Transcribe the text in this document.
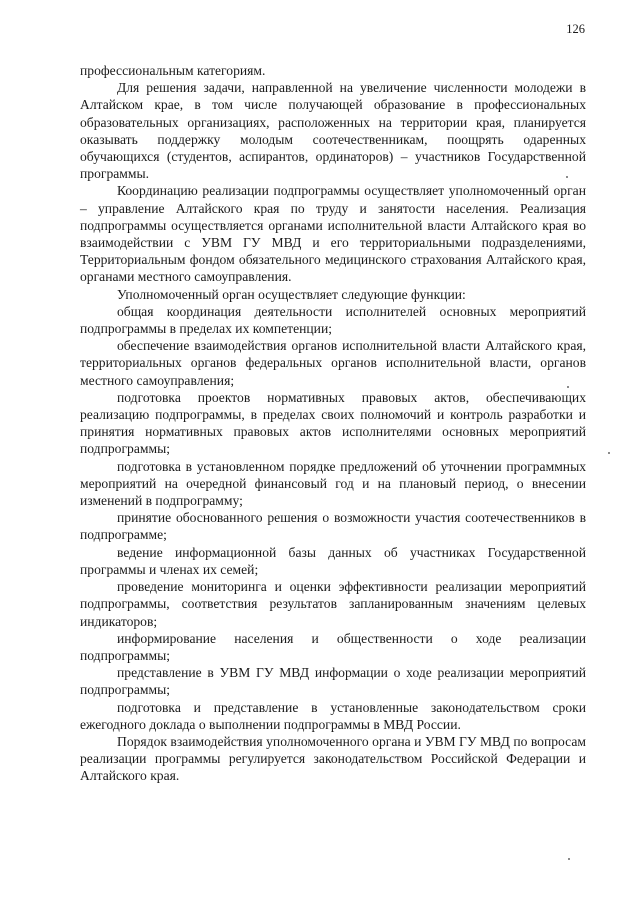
126

профессиональным категориям.

Для решения задачи, направленной на увеличение численности молодежи в Алтайском крае, в том числе получающей образование в профессиональных образовательных организациях, расположенных на территории края, планируется оказывать поддержку молодым соотечественникам, поощрять одаренных обучающихся (студентов, аспирантов, ординаторов) – участников Государственной программы.

Координацию реализации подпрограммы осуществляет уполномоченный орган – управление Алтайского края по труду и занятости населения. Реализация подпрограммы осуществляется органами исполнительной власти Алтайского края во взаимодействии с УВМ ГУ МВД и его территориальными подразделениями, Территориальным фондом обязательного медицинского страхования Алтайского края, органами местного самоуправления.

Уполномоченный орган осуществляет следующие функции:

общая координация деятельности исполнителей основных мероприятий подпрограммы в пределах их компетенции;

обеспечение взаимодействия органов исполнительной власти Алтайского края, территориальных органов федеральных органов исполнительной власти, органов местного самоуправления;

подготовка проектов нормативных правовых актов, обеспечивающих реализацию подпрограммы, в пределах своих полномочий и контроль разработки и принятия нормативных правовых актов исполнителями основных мероприятий подпрограммы;

подготовка в установленном порядке предложений об уточнении программных мероприятий на очередной финансовый год и на плановый период, о внесении изменений в подпрограмму;

принятие обоснованного решения о возможности участия соотечественников в подпрограмме;

ведение информационной базы данных об участниках Государственной программы и членах их семей;

проведение мониторинга и оценки эффективности реализации мероприятий подпрограммы, соответствия результатов запланированным значениям целевых индикаторов;

информирование населения и общественности о ходе реализации подпрограммы;

представление в УВМ ГУ МВД информации о ходе реализации мероприятий подпрограммы;

подготовка и представление в установленные законодательством сроки ежегодного доклада о выполнении подпрограммы в МВД России.

Порядок взаимодействия уполномоченного органа и УВМ ГУ МВД по вопросам реализации программы регулируется законодательством Российской Федерации и Алтайского края.
